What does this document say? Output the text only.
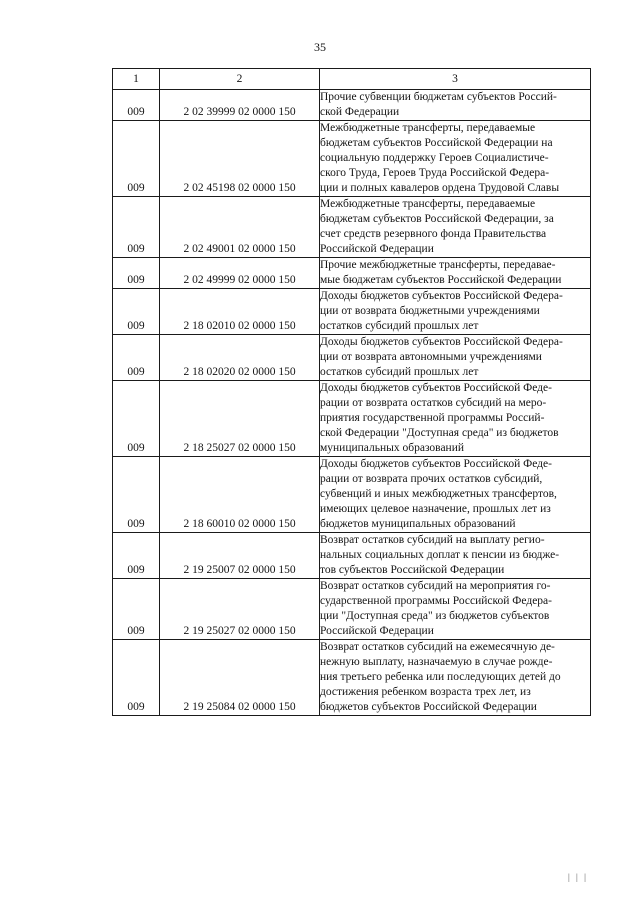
35
1	2	3
009	2 02 39999 02 0000 150	Прочие субвенции бюджетам субъектов Россий-
ской Федерации

009	2 02 45198 02 0000 150	Межбюджетные трансферты, передаваемые
бюджетам субъектов Российской Федерации на
социальную поддержку Героев Социалистиче-
ского Труда, Героев Труда Российской Федера-
ции и полных кавалеров ордена Трудовой Славы

009	2 02 49001 02 0000 150	Межбюджетные трансферты, передаваемые
бюджетам субъектов Российской Федерации, за
счет средств резервного фонда Правительства
Российской Федерации

009	2 02 49999 02 0000 150	Прочие межбюджетные трансферты, передавае-
мые бюджетам субъектов Российской Федерации

009	2 18 02010 02 0000 150	Доходы бюджетов субъектов Российской Федера-
ции от возврата бюджетными учреждениями
остатков субсидий прошлых лет

009	2 18 02020 02 0000 150	Доходы бюджетов субъектов Российской Федера-
ции от возврата автономными учреждениями
остатков субсидий прошлых лет

009	2 18 25027 02 0000 150	Доходы бюджетов субъектов Российской Феде-
рации от возврата остатков субсидий на меро-
приятия государственной программы Россий-
ской Федерации "Доступная среда" из бюджетов
муниципальных образований

009	2 18 60010 02 0000 150	Доходы бюджетов субъектов Российской Феде-
рации от возврата прочих остатков субсидий,
субвенций и иных межбюджетных трансфертов,
имеющих целевое назначение, прошлых лет из
бюджетов муниципальных образований

009	2 19 25007 02 0000 150	Возврат остатков субсидий на выплату регио-
нальных социальных доплат к пенсии из бюдже-
тов субъектов Российской Федерации

009	2 19 25027 02 0000 150	Возврат остатков субсидий на мероприятия го-
сударственной программы Российской Федера-
ции "Доступная среда" из бюджетов субъектов
Российской Федерации

009	2 19 25084 02 0000 150	Возврат остатков субсидий на ежемесячную де-
нежную выплату, назначаемую в случае рожде-
ния третьего ребенка или последующих детей до
достижения ребенком возраста трех лет, из
бюджетов субъектов Российской Федерации
| | |
